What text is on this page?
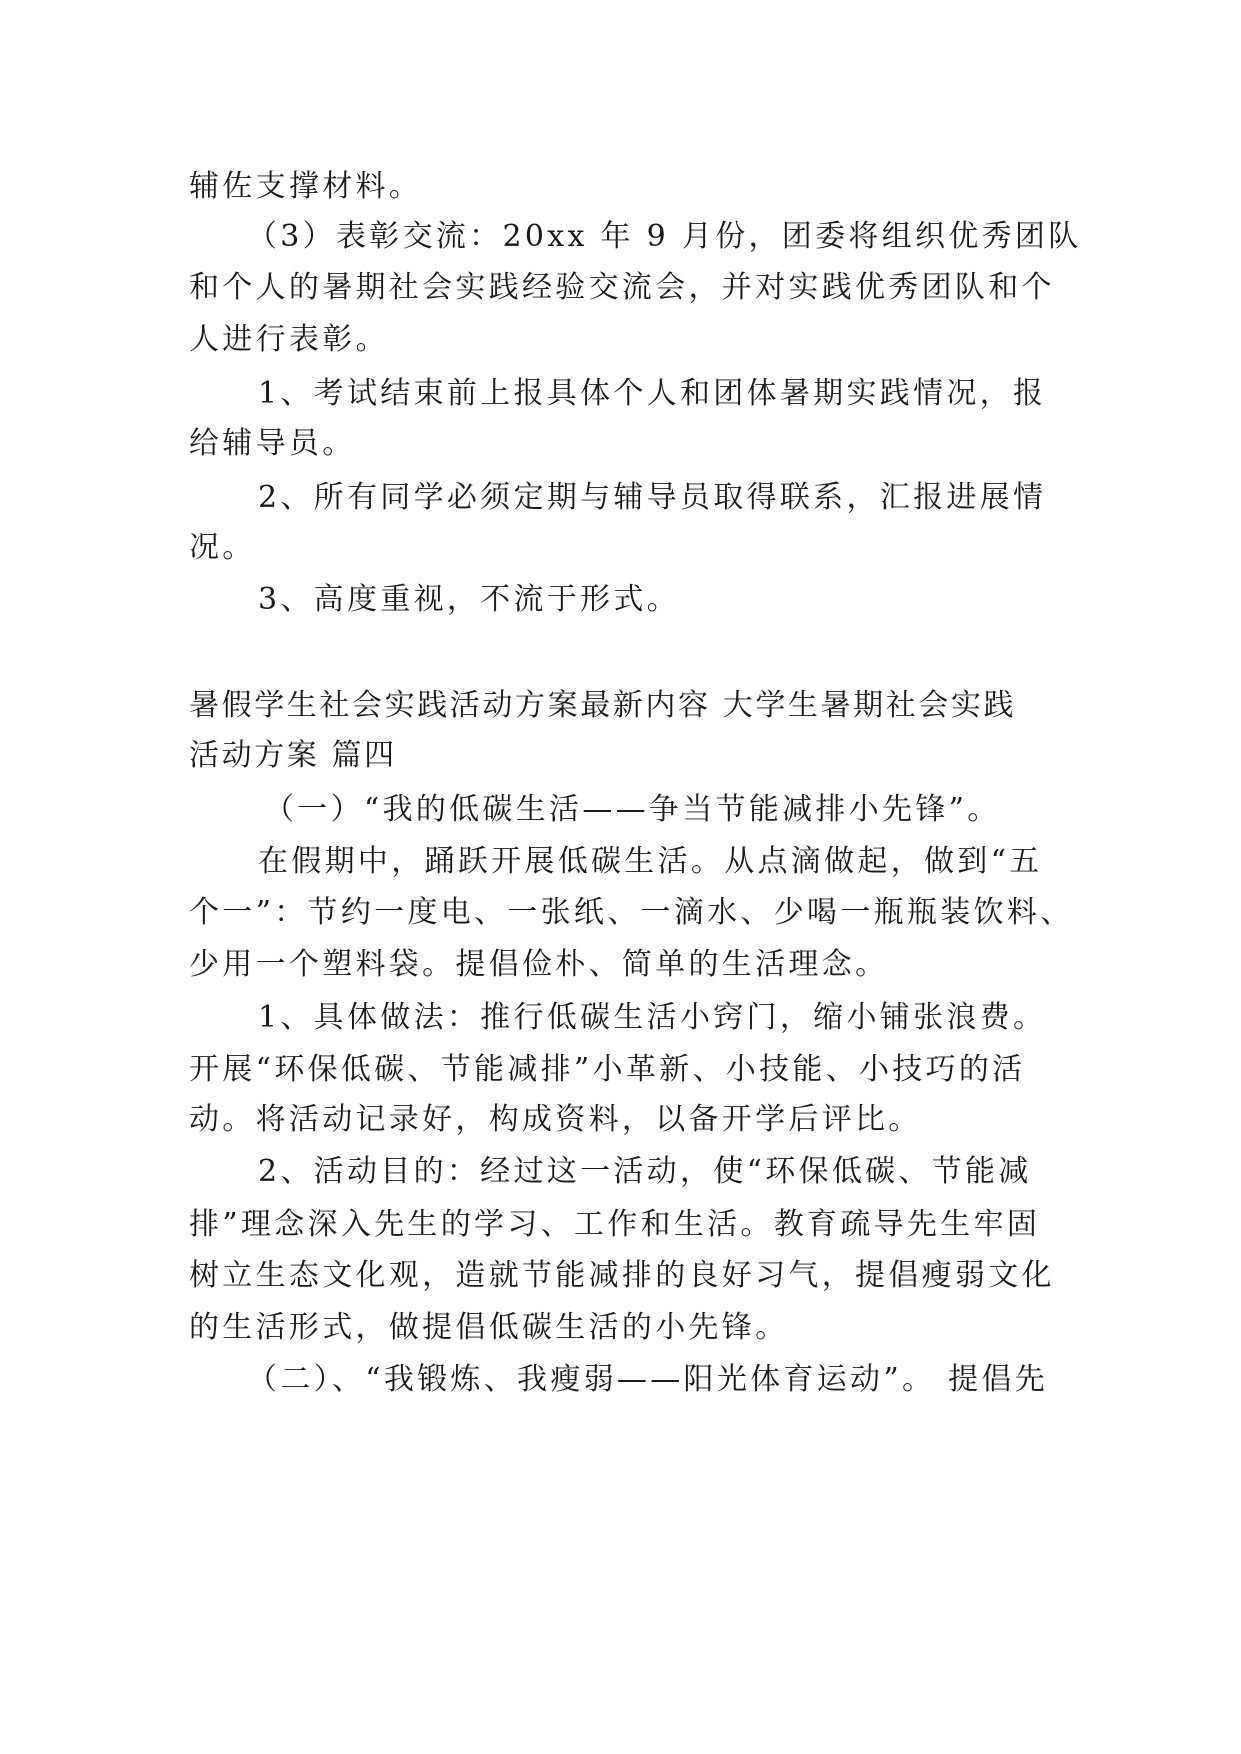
辅佐支撑材料。
（3）表彰交流：20xx 年 9 月份，团委将组织优秀团队
和个人的暑期社会实践经验交流会，并对实践优秀团队和个
人进行表彰。
1、考试结束前上报具体个人和团体暑期实践情况，报
给辅导员。
2、所有同学必须定期与辅导员取得联系，汇报进展情
况。
3、高度重视，不流于形式。
暑假学生社会实践活动方案最新内容 大学生暑期社会实践
活动方案 篇四
（一）“我的低碳生活——争当节能减排小先锋”。
在假期中，踊跃开展低碳生活。从点滴做起，做到“五
个一”：节约一度电、一张纸、一滴水、少喝一瓶瓶装饮料、
少用一个塑料袋。提倡俭朴、简单的生活理念。
1、具体做法：推行低碳生活小窍门，缩小铺张浪费。
开展“环保低碳、节能减排”小革新、小技能、小技巧的活
动。将活动记录好，构成资料，以备开学后评比。
2、活动目的：经过这一活动，使“环保低碳、节能减
排”理念深入先生的学习、工作和生活。教育疏导先生牢固
树立生态文化观，造就节能减排的良好习气，提倡瘦弱文化
的生活形式，做提倡低碳生活的小先锋。
（二）、“我锻炼、我瘦弱——阳光体育运动”。 提倡先
